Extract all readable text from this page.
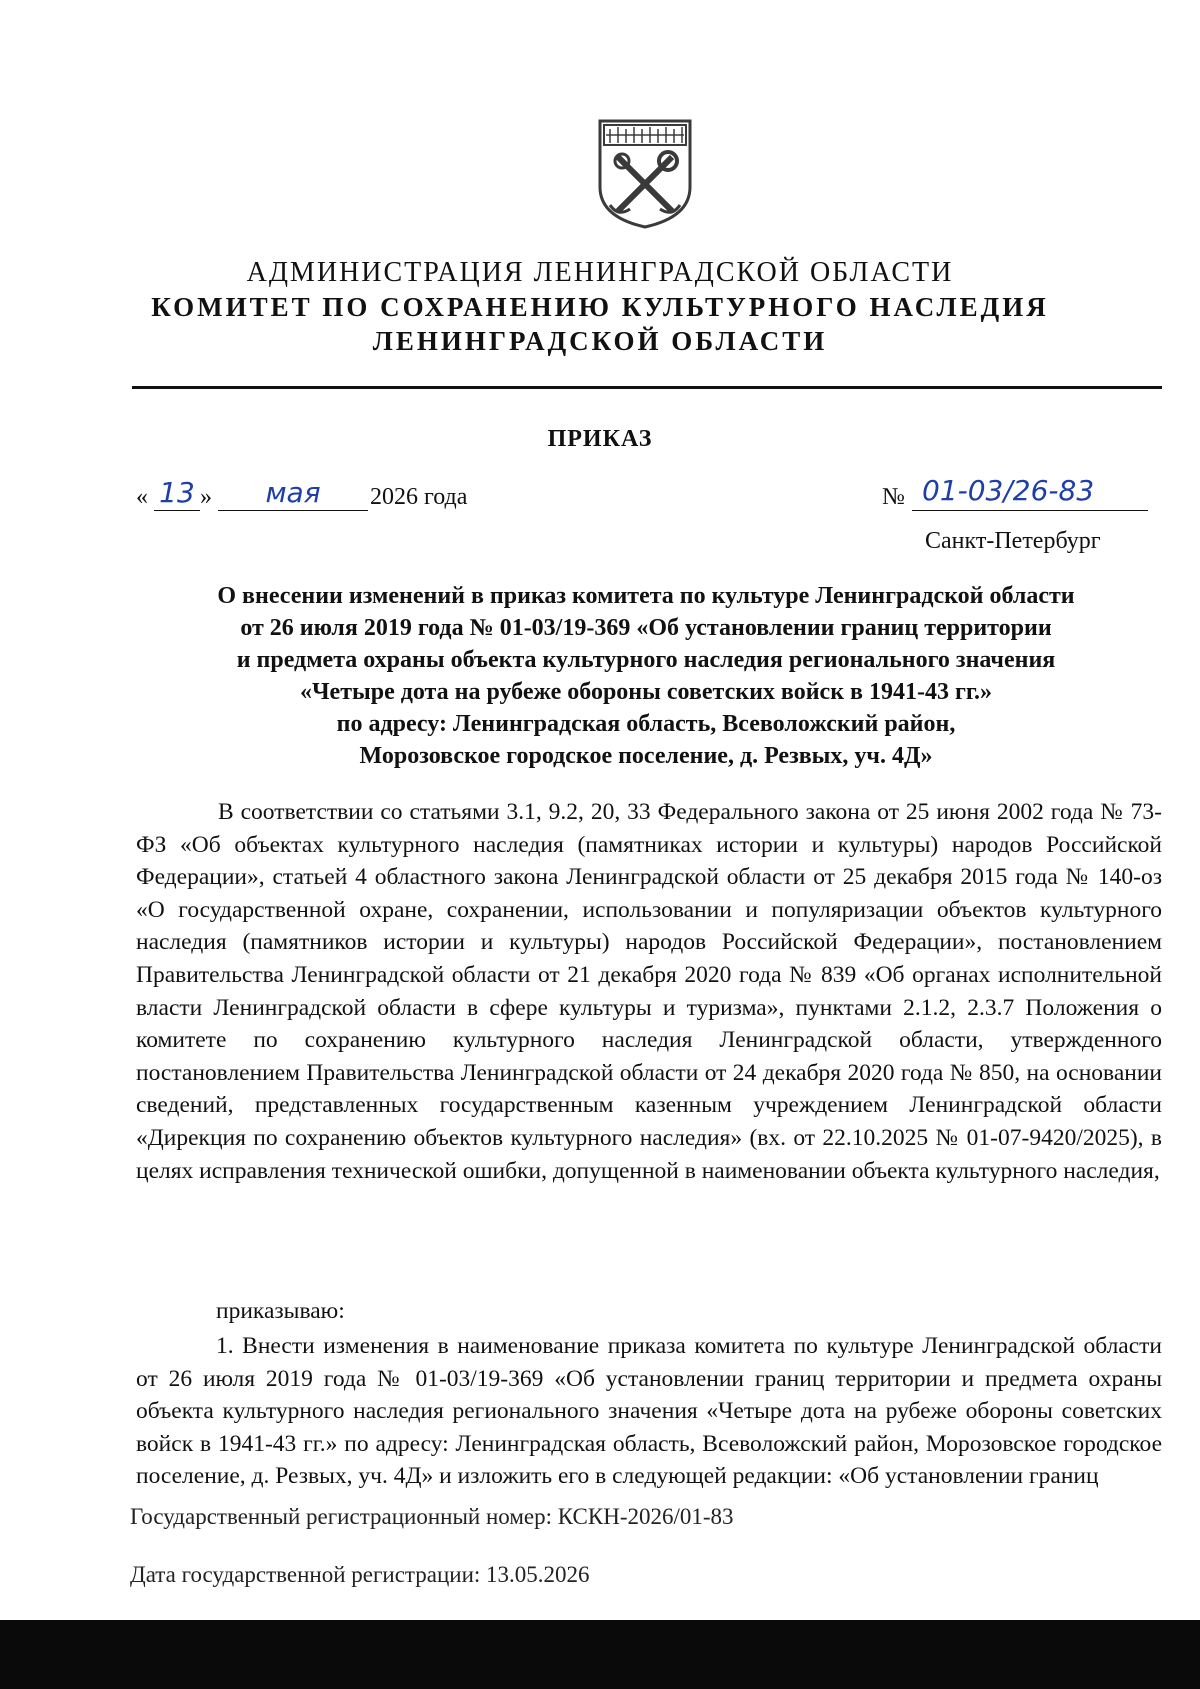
АДМИНИСТРАЦИЯ ЛЕНИНГРАДСКОЙ ОБЛАСТИ
КОМИТЕТ ПО СОХРАНЕНИЮ КУЛЬТУРНОГО НАСЛЕДИЯ
ЛЕНИНГРАДСКОЙ ОБЛАСТИ
ПРИКАЗ
« 13 »	мая	2026 года	№ 01-03/26-83
Санкт-Петербург
О внесении изменений в приказ комитета по культуре Ленинградской области
от 26 июля 2019 года № 01-03/19-369 «Об установлении границ территории
и предмета охраны объекта культурного наследия регионального значения
«Четыре дота на рубеже обороны советских войск в 1941-43 гг.»
по адресу: Ленинградская область, Всеволожский район,
Морозовское городское поселение, д. Резвых, уч. 4Д»
В соответствии со статьями 3.1, 9.2, 20, 33 Федерального закона от 25 июня 2002 года № 73-ФЗ «Об объектах культурного наследия (памятниках истории и культуры) народов Российской Федерации», статьей 4 областного закона Ленинградской области от 25 декабря 2015 года № 140-оз «О государственной охране, сохранении, использовании и популяризации объектов культурного наследия (памятников истории и культуры) народов Российской Федерации», постановлением Правительства Ленинградской области от 21 декабря 2020 года № 839 «Об органах исполнительной власти Ленинградской области в сфере культуры и туризма», пунктами 2.1.2, 2.3.7 Положения о комитете по сохранению культурного наследия Ленинградской области, утвержденного постановлением Правительства Ленинградской области от 24 декабря 2020 года № 850, на основании сведений, представленных государственным казенным учреждением Ленинградской области «Дирекция по сохранению объектов культурного наследия» (вх. от 22.10.2025 № 01-07-9420/2025), в целях исправления технической ошибки, допущенной в наименовании объекта культурного наследия,
приказываю:
1. Внести изменения в наименование приказа комитета по культуре Ленинградской области от 26 июля 2019 года № 01-03/19-369 «Об установлении границ территории и предмета охраны объекта культурного наследия регионального значения «Четыре дота на рубеже обороны советских войск в 1941-43 гг.» по адресу: Ленинградская область, Всеволожский район, Морозовское городское поселение, д. Резвых, уч. 4Д» и изложить его в следующей редакции: «Об установлении границ
Государственный регистрационный номер: КСКН-2026/01-83
Дата государственной регистрации: 13.05.2026
